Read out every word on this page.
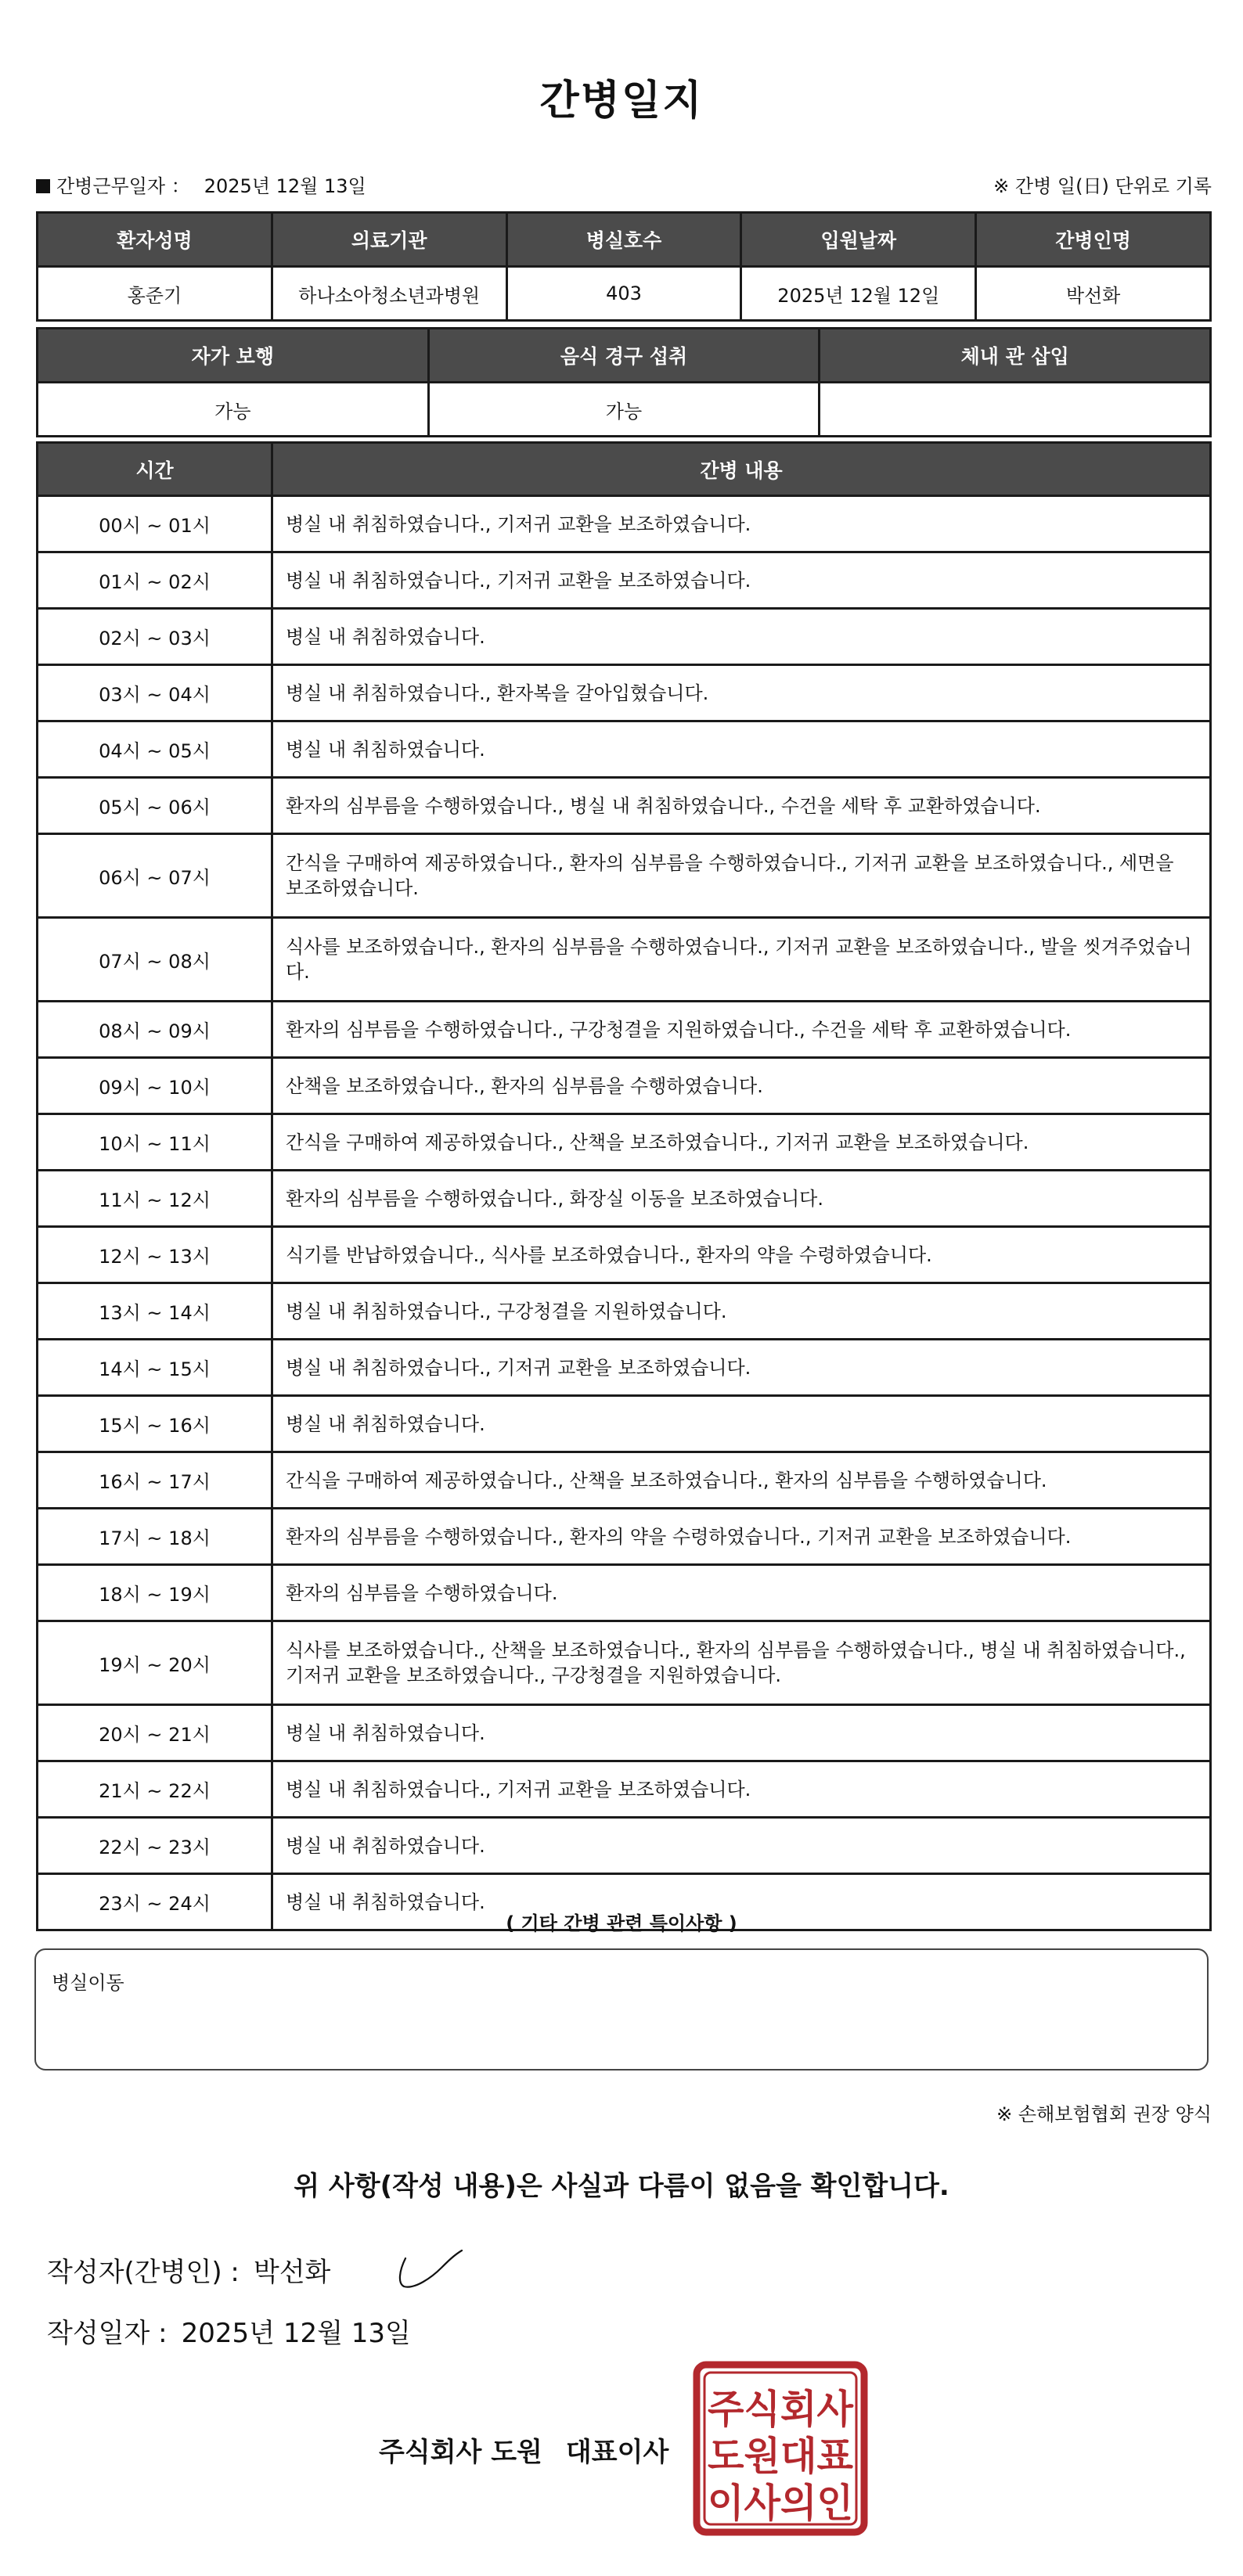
간병일지
간병근무일자 ： 2025년 12월 13일	※ 간병 일(日) 단위로 기록
환자성명	의료기관	병실호수	입원날짜	간병인명
홍준기	하나소아청소년과병원	403	2025년 12월 12일	박선화
자가 보행	음식 경구 섭취	체내 관 삽입
가능	가능	
시간	간병 내용
00시 ~ 01시	병실 내 취침하였습니다., 기저귀 교환을 보조하였습니다.
01시 ~ 02시	병실 내 취침하였습니다., 기저귀 교환을 보조하였습니다.
02시 ~ 03시	병실 내 취침하였습니다.
03시 ~ 04시	병실 내 취침하였습니다., 환자복을 갈아입혔습니다.
04시 ~ 05시	병실 내 취침하였습니다.
05시 ~ 06시	환자의 심부름을 수행하였습니다., 병실 내 취침하였습니다., 수건을 세탁 후 교환하였습니다.
06시 ~ 07시	간식을 구매하여 제공하였습니다., 환자의 심부름을 수행하였습니다., 기저귀 교환을 보조하였습니다., 세면을 보조하였습니다.
07시 ~ 08시	식사를 보조하였습니다., 환자의 심부름을 수행하였습니다., 기저귀 교환을 보조하였습니다., 발을 씻겨주었습니다.
08시 ~ 09시	환자의 심부름을 수행하였습니다., 구강청결을 지원하였습니다., 수건을 세탁 후 교환하였습니다.
09시 ~ 10시	산책을 보조하였습니다., 환자의 심부름을 수행하였습니다.
10시 ~ 11시	간식을 구매하여 제공하였습니다., 산책을 보조하였습니다., 기저귀 교환을 보조하였습니다.
11시 ~ 12시	환자의 심부름을 수행하였습니다., 화장실 이동을 보조하였습니다.
12시 ~ 13시	식기를 반납하였습니다., 식사를 보조하였습니다., 환자의 약을 수령하였습니다.
13시 ~ 14시	병실 내 취침하였습니다., 구강청결을 지원하였습니다.
14시 ~ 15시	병실 내 취침하였습니다., 기저귀 교환을 보조하였습니다.
15시 ~ 16시	병실 내 취침하였습니다.
16시 ~ 17시	간식을 구매하여 제공하였습니다., 산책을 보조하였습니다., 환자의 심부름을 수행하였습니다.
17시 ~ 18시	환자의 심부름을 수행하였습니다., 환자의 약을 수령하였습니다., 기저귀 교환을 보조하였습니다.
18시 ~ 19시	환자의 심부름을 수행하였습니다.
19시 ~ 20시	식사를 보조하였습니다., 산책을 보조하였습니다., 환자의 심부름을 수행하였습니다., 병실 내 취침하였습니다., 기저귀 교환을 보조하였습니다., 구강청결을 지원하였습니다.
20시 ~ 21시	병실 내 취침하였습니다.
21시 ~ 22시	병실 내 취침하였습니다., 기저귀 교환을 보조하였습니다.
22시 ~ 23시	병실 내 취침하였습니다.
23시 ~ 24시	병실 내 취침하였습니다.
( 기타 간병 관련 특이사항 )
병실이동
※ 손해보험협회 권장 양식
위 사항(작성 내용)은 사실과 다름이 없음을 확인합니다.
작성자(간병인) : 박선화
작성일자 : 2025년 12월 13일
주식회사 도원 대표이사
주식회사
도원대표
이사의인
